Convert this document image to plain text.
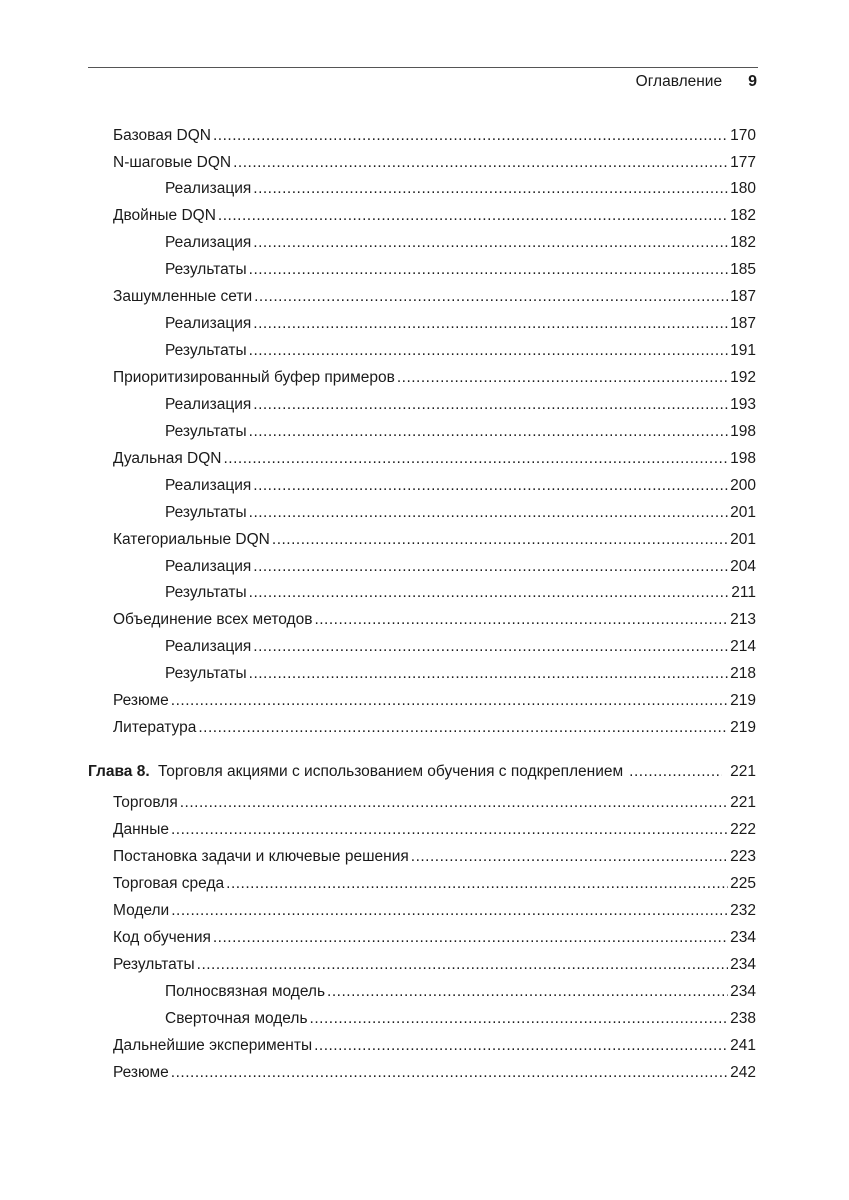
Оглавление 9
Базовая DQN .....	170
N-шаговые DQN .....	177
Реализация .....	180
Двойные DQN .....	182
Реализация .....	182
Результаты .....	185
Зашумленные сети .....	187
Реализация .....	187
Результаты .....	191
Приоритизированный буфер примеров .....	192
Реализация .....	193
Результаты .....	198
Дуальная DQN .....	198
Реализация .....	200
Результаты .....	201
Категориальные DQN .....	201
Реализация .....	204
Результаты .....	211
Объединение всех методов .....	213
Реализация .....	214
Результаты .....	218
Резюме .....	219
Литература .....	219
Глава 8. Торговля акциями с использованием обучения с подкреплением .....	221
Торговля .....	221
Данные .....	222
Постановка задачи и ключевые решения .....	223
Торговая среда .....	225
Модели .....	232
Код обучения .....	234
Результаты .....	234
Полносвязная модель .....	234
Сверточная модель .....	238
Дальнейшие эксперименты .....	241
Резюме .....	242
